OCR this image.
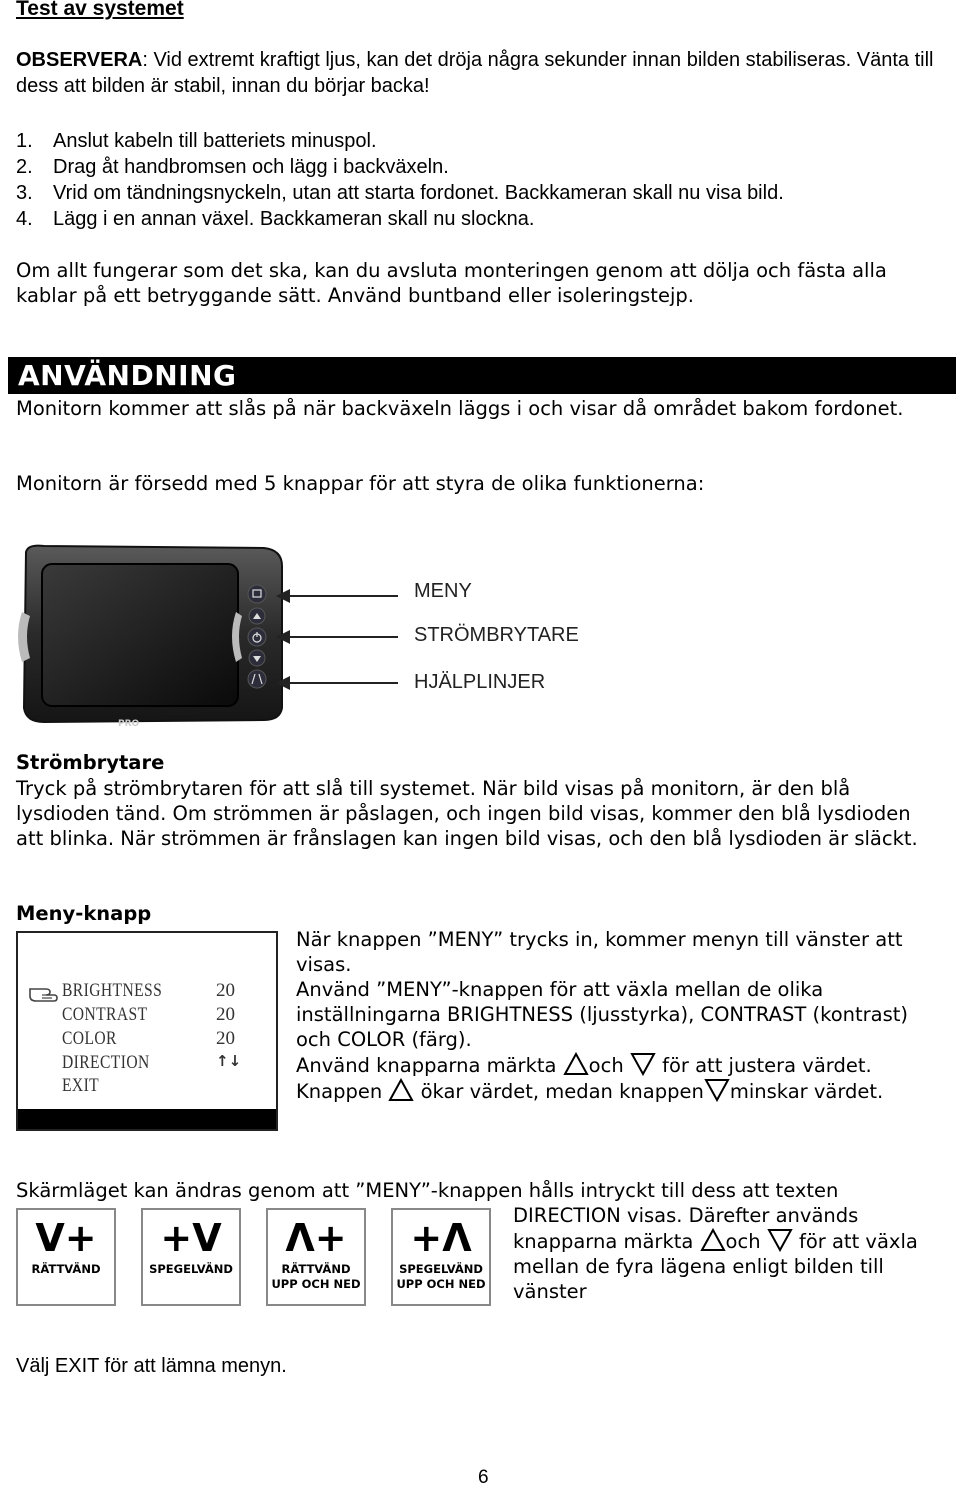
Test av systemet
OBSERVERA: Vid extremt kraftigt ljus, kan det dröja några sekunder innan bilden stabiliseras. Vänta till dess att bilden är stabil, innan du börjar backa!
1. Anslut kabeln till batteriets minuspol.
2. Drag åt handbromsen och lägg i backväxeln.
3. Vrid om tändningsnyckeln, utan att starta fordonet. Backkameran skall nu visa bild.
4. Lägg i en annan växel. Backkameran skall nu slockna.
Om allt fungerar som det ska, kan du avsluta monteringen genom att dölja och fästa alla kablar på ett betryggande sätt. Använd buntband eller isoleringstejp.
ANVÄNDNING
Monitorn kommer att slås på när backväxeln läggs i och visar då området bakom fordonet.
Monitorn är försedd med 5 knappar för att styra de olika funktionerna:
PRO
MENY
STRÖMBRYTARE
HJÄLPLINJER
Strömbrytare
Tryck på strömbrytaren för att slå till systemet. När bild visas på monitorn, är den blå lysdioden tänd. Om strömmen är påslagen, och ingen bild visas, kommer den blå lysdioden att blinka. När strömmen är frånslagen kan ingen bild visas, och den blå lysdioden är släckt.
Meny-knapp
BRIGHTNESS	20
CONTRAST	20
COLOR	20
DIRECTION	↑↓
EXIT
När knappen ”MENY” trycks in, kommer menyn till vänster att visas.
Använd ”MENY”-knappen för att växla mellan de olika inställningarna BRIGHTNESS (ljusstyrka), CONTRAST (kontrast) och COLOR (färg).
Använd knapparna märkta och  för att justera värdet.
Knappen  ökar värdet, medan knappen minskar värdet.
Skärmläget kan ändras genom att ”MENY”-knappen hålls intryckt till dess att texten
V+
RÄTTVÄND
+V
SPEGELVÄND
Λ+
RÄTTVÄND
UPP OCH NED
+Λ
SPEGELVÄND
UPP OCH NED
DIRECTION visas. Därefter används knapparna märkta och  för att växla mellan de fyra lägena enligt bilden till vänster
Välj EXIT för att lämna menyn.
6
